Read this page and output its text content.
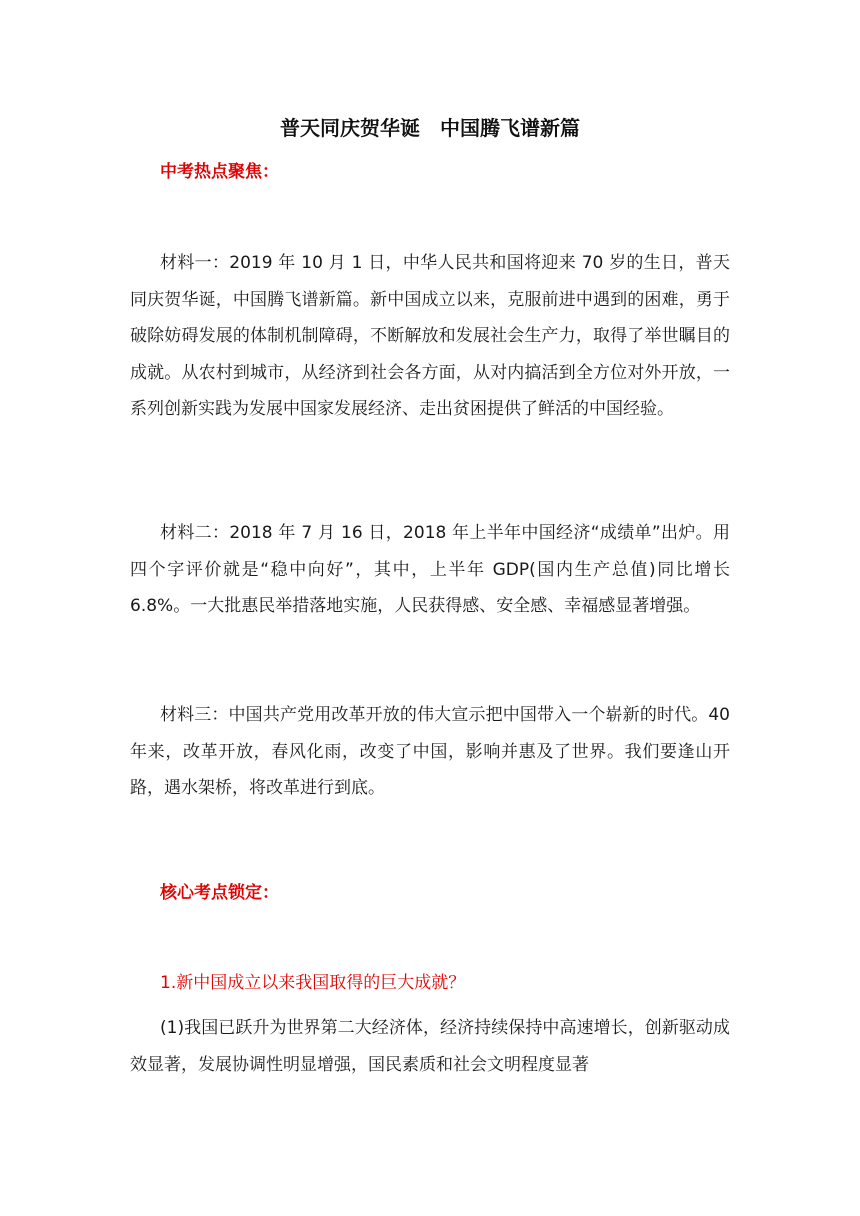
普天同庆贺华诞　中国腾飞谱新篇
中考热点聚焦：
材料一：2019 年 10 月 1 日，中华人民共和国将迎来 70 岁的生日，普天同庆贺华诞，中国腾飞谱新篇。新中国成立以来，克服前进中遇到的困难，勇于破除妨碍发展的体制机制障碍，不断解放和发展社会生产力，取得了举世瞩目的成就。从农村到城市，从经济到社会各方面，从对内搞活到全方位对外开放，一系列创新实践为发展中国家发展经济、走出贫困提供了鲜活的中国经验。
材料二：2018 年 7 月 16 日，2018 年上半年中国经济“成绩单”出炉。用四个字评价就是“稳中向好”，其中，上半年 GDP(国内生产总值)同比增长 6.8%。一大批惠民举措落地实施，人民获得感、安全感、幸福感显著增强。
材料三：中国共产党用改革开放的伟大宣示把中国带入一个崭新的时代。40 年来，改革开放，春风化雨，改变了中国，影响并惠及了世界。我们要逢山开路，遇水架桥，将改革进行到底。
核心考点锁定：
1.新中国成立以来我国取得的巨大成就？
(1)我国已跃升为世界第二大经济体，经济持续保持中高速增长，创新驱动成效显著，发展协调性明显增强，国民素质和社会文明程度显著
